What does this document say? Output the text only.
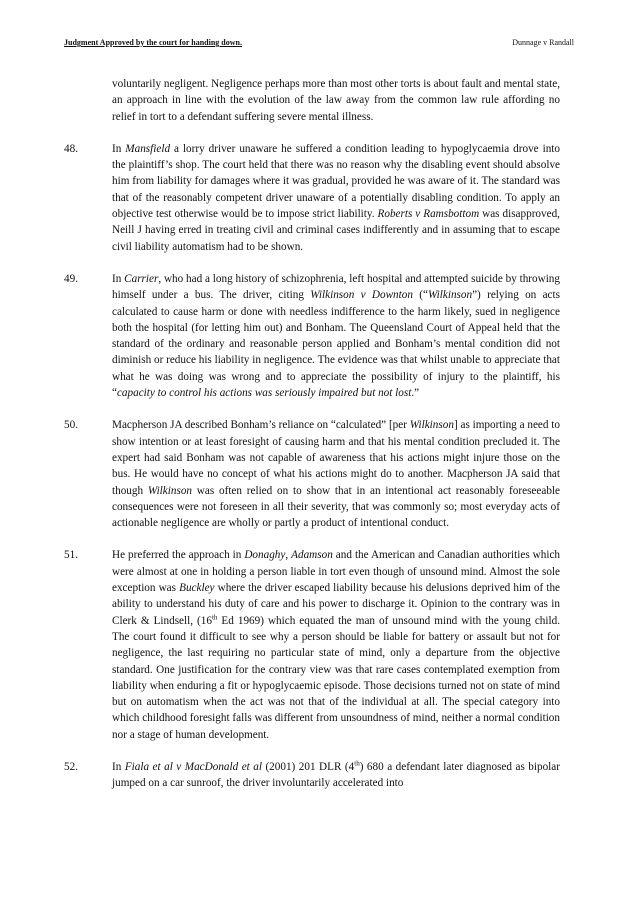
Judgment Approved by the court for handing down.	Dunnage v Randall
voluntarily negligent. Negligence perhaps more than most other torts is about fault and mental state, an approach in line with the evolution of the law away from the common law rule affording no relief in tort to a defendant suffering severe mental illness.
48.	In Mansfield a lorry driver unaware he suffered a condition leading to hypoglycaemia drove into the plaintiff’s shop. The court held that there was no reason why the disabling event should absolve him from liability for damages where it was gradual, provided he was aware of it. The standard was that of the reasonably competent driver unaware of a potentially disabling condition. To apply an objective test otherwise would be to impose strict liability. Roberts v Ramsbottom was disapproved, Neill J having erred in treating civil and criminal cases indifferently and in assuming that to escape civil liability automatism had to be shown.
49.	In Carrier, who had a long history of schizophrenia, left hospital and attempted suicide by throwing himself under a bus. The driver, citing Wilkinson v Downton (“Wilkinson”) relying on acts calculated to cause harm or done with needless indifference to the harm likely, sued in negligence both the hospital (for letting him out) and Bonham. The Queensland Court of Appeal held that the standard of the ordinary and reasonable person applied and Bonham’s mental condition did not diminish or reduce his liability in negligence. The evidence was that whilst unable to appreciate that what he was doing was wrong and to appreciate the possibility of injury to the plaintiff, his “capacity to control his actions was seriously impaired but not lost.”
50.	Macpherson JA described Bonham’s reliance on “calculated” [per Wilkinson] as importing a need to show intention or at least foresight of causing harm and that his mental condition precluded it. The expert had said Bonham was not capable of awareness that his actions might injure those on the bus. He would have no concept of what his actions might do to another. Macpherson JA said that though Wilkinson was often relied on to show that in an intentional act reasonably foreseeable consequences were not foreseen in all their severity, that was commonly so; most everyday acts of actionable negligence are wholly or partly a product of intentional conduct.
51.	He preferred the approach in Donaghy, Adamson and the American and Canadian authorities which were almost at one in holding a person liable in tort even though of unsound mind. Almost the sole exception was Buckley where the driver escaped liability because his delusions deprived him of the ability to understand his duty of care and his power to discharge it. Opinion to the contrary was in Clerk & Lindsell, (16th Ed 1969) which equated the man of unsound mind with the young child. The court found it difficult to see why a person should be liable for battery or assault but not for negligence, the last requiring no particular state of mind, only a departure from the objective standard. One justification for the contrary view was that rare cases contemplated exemption from liability when enduring a fit or hypoglycaemic episode. Those decisions turned not on state of mind but on automatism when the act was not that of the individual at all. The special category into which childhood foresight falls was different from unsoundness of mind, neither a normal condition nor a stage of human development.
52.	In Fiala et al v MacDonald et al (2001) 201 DLR (4th) 680 a defendant later diagnosed as bipolar jumped on a car sunroof, the driver involuntarily accelerated into
